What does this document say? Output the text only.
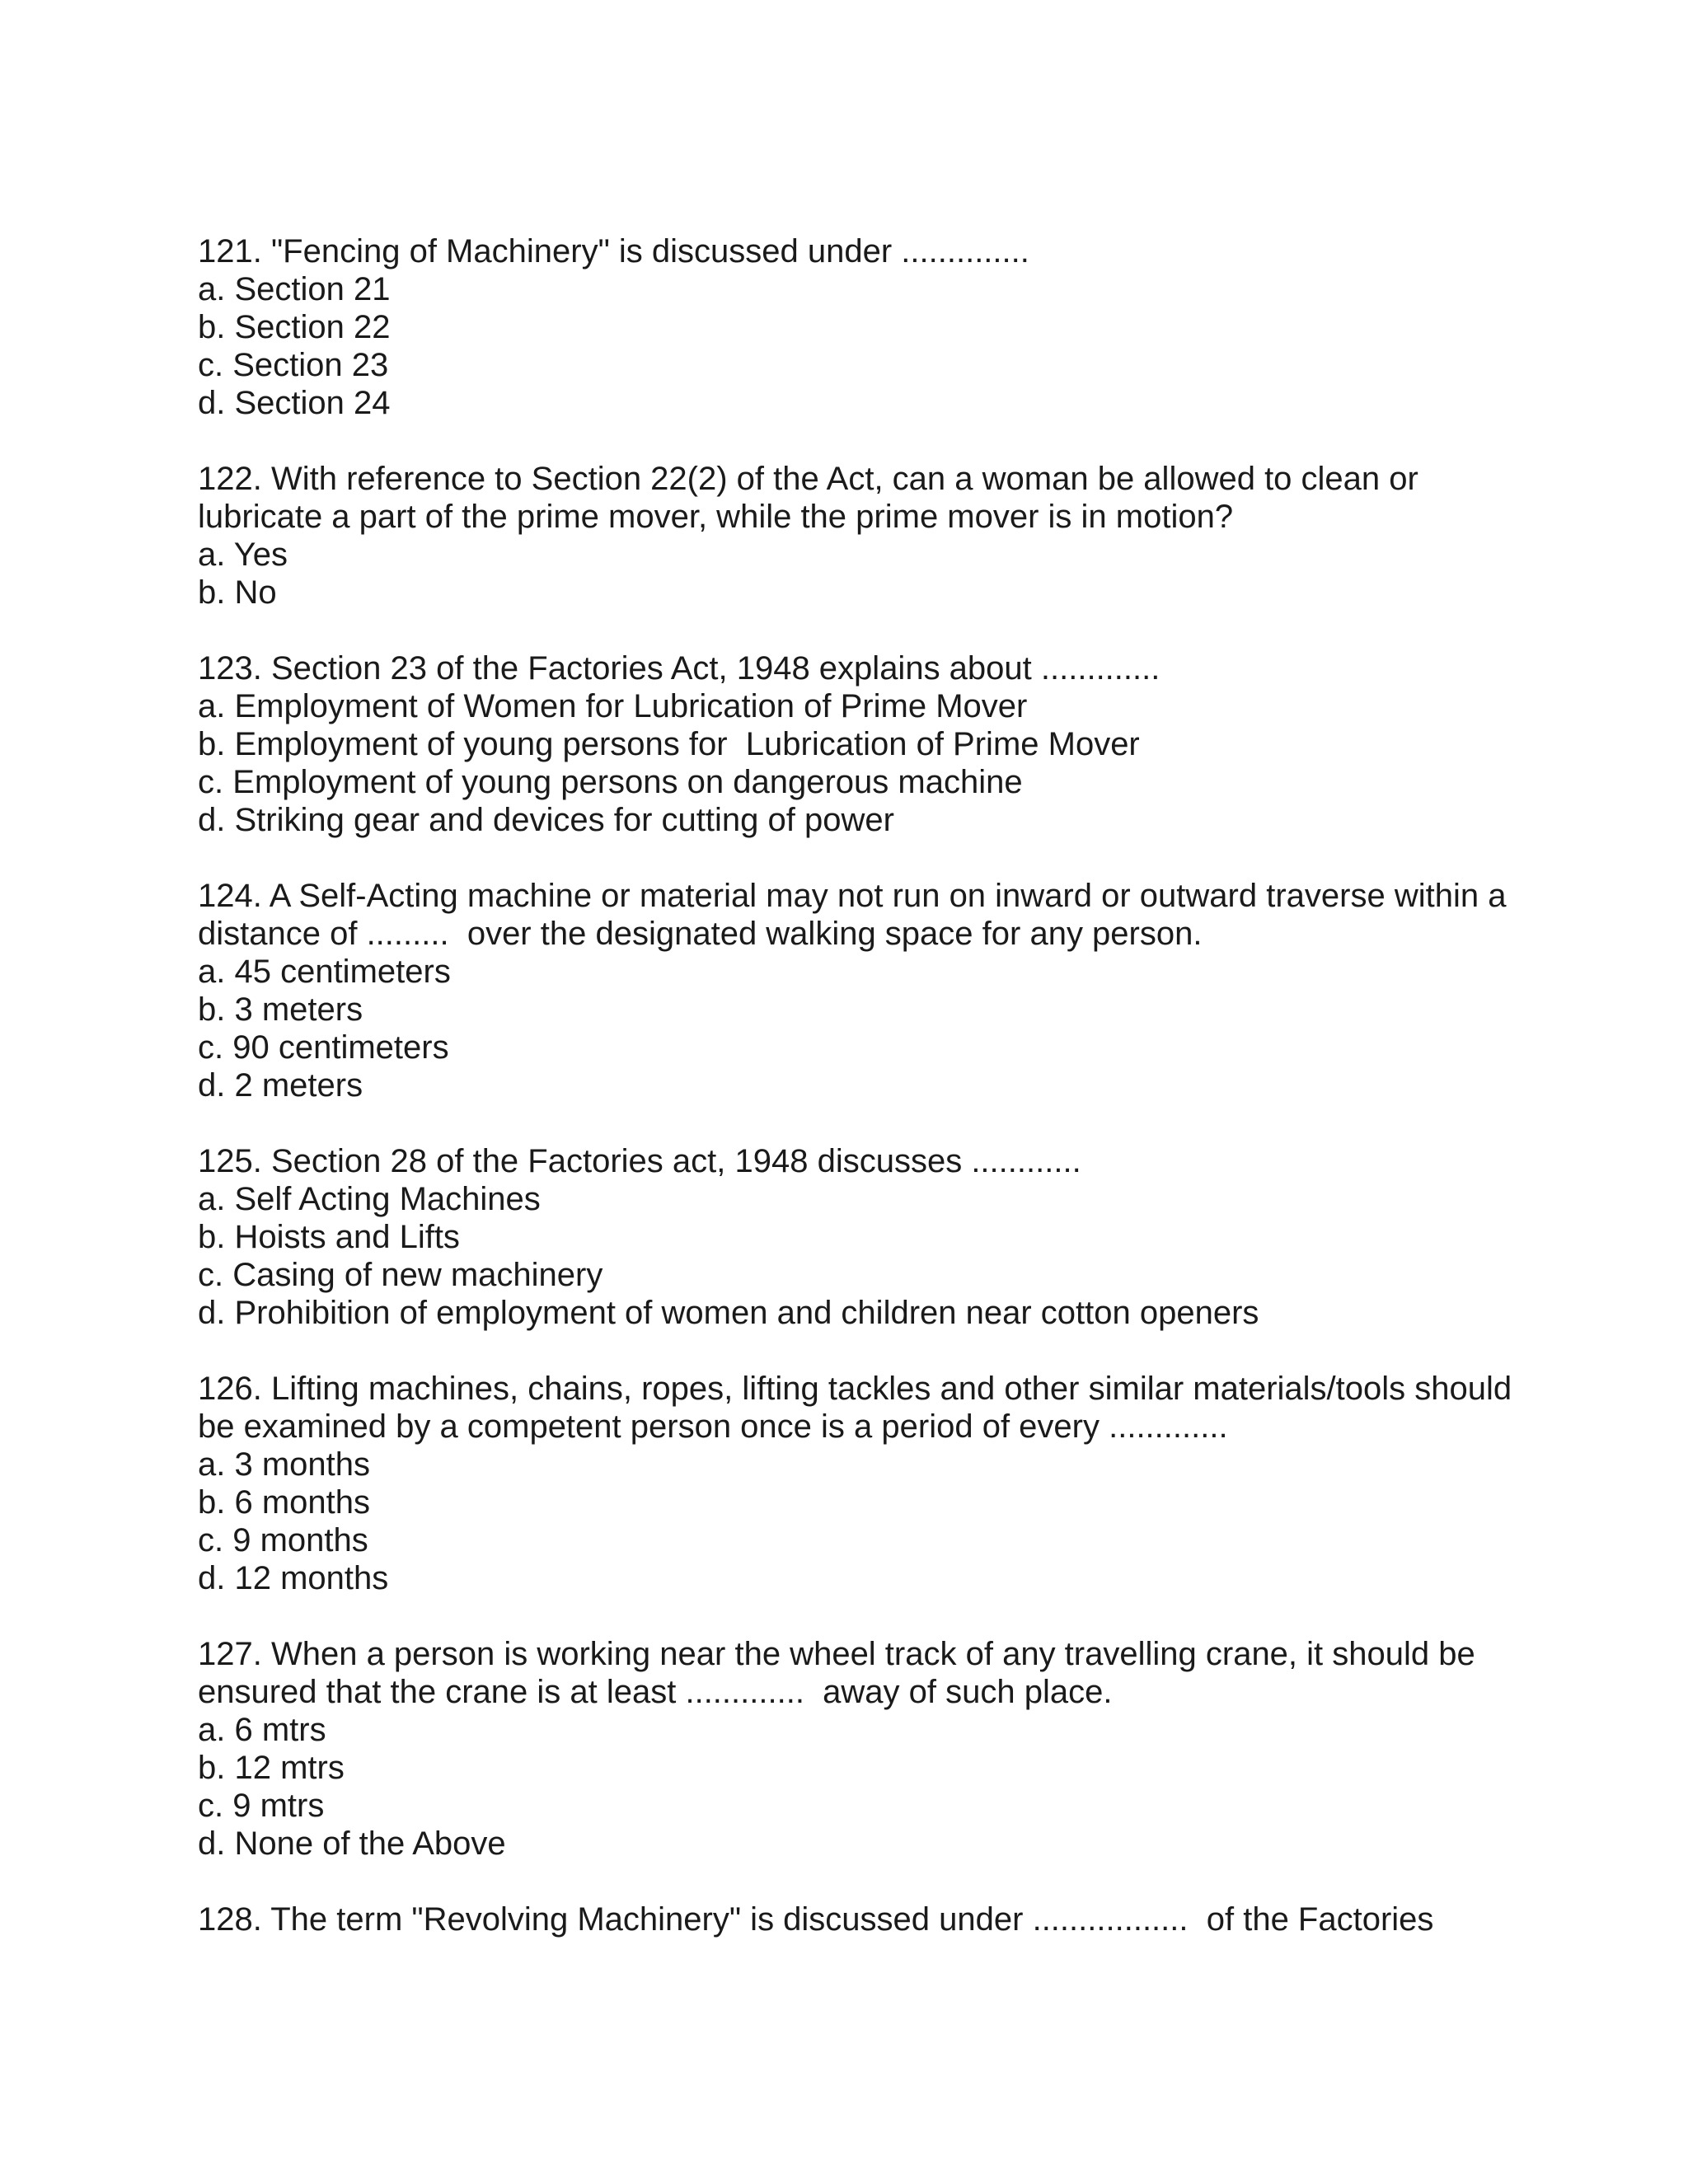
121. "Fencing of Machinery" is discussed under ..............

a. Section 21

b. Section 22

c. Section 23

d. Section 24

122. With reference to Section 22(2) of the Act, can a woman be allowed to clean or lubricate a part of the prime mover, while the prime mover is in motion?

a. Yes

b. No

123. Section 23 of the Factories Act, 1948 explains about .............

a. Employment of Women for Lubrication of Prime Mover

b. Employment of young persons for  Lubrication of Prime Mover

c. Employment of young persons on dangerous machine

d. Striking gear and devices for cutting of power

124. A Self-Acting machine or material may not run on inward or outward traverse within a distance of .........  over the designated walking space for any person.

a. 45 centimeters

b. 3 meters

c. 90 centimeters

d. 2 meters

125. Section 28 of the Factories act, 1948 discusses ............

a. Self Acting Machines

b. Hoists and Lifts

c. Casing of new machinery

d. Prohibition of employment of women and children near cotton openers

126. Lifting machines, chains, ropes, lifting tackles and other similar materials/tools should be examined by a competent person once is a period of every .............

a. 3 months

b. 6 months

c. 9 months

d. 12 months

127. When a person is working near the wheel track of any travelling crane, it should be ensured that the crane is at least .............  away of such place.

a. 6 mtrs

b. 12 mtrs

c. 9 mtrs

d. None of the Above

128. The term "Revolving Machinery" is discussed under .................  of the Factories
